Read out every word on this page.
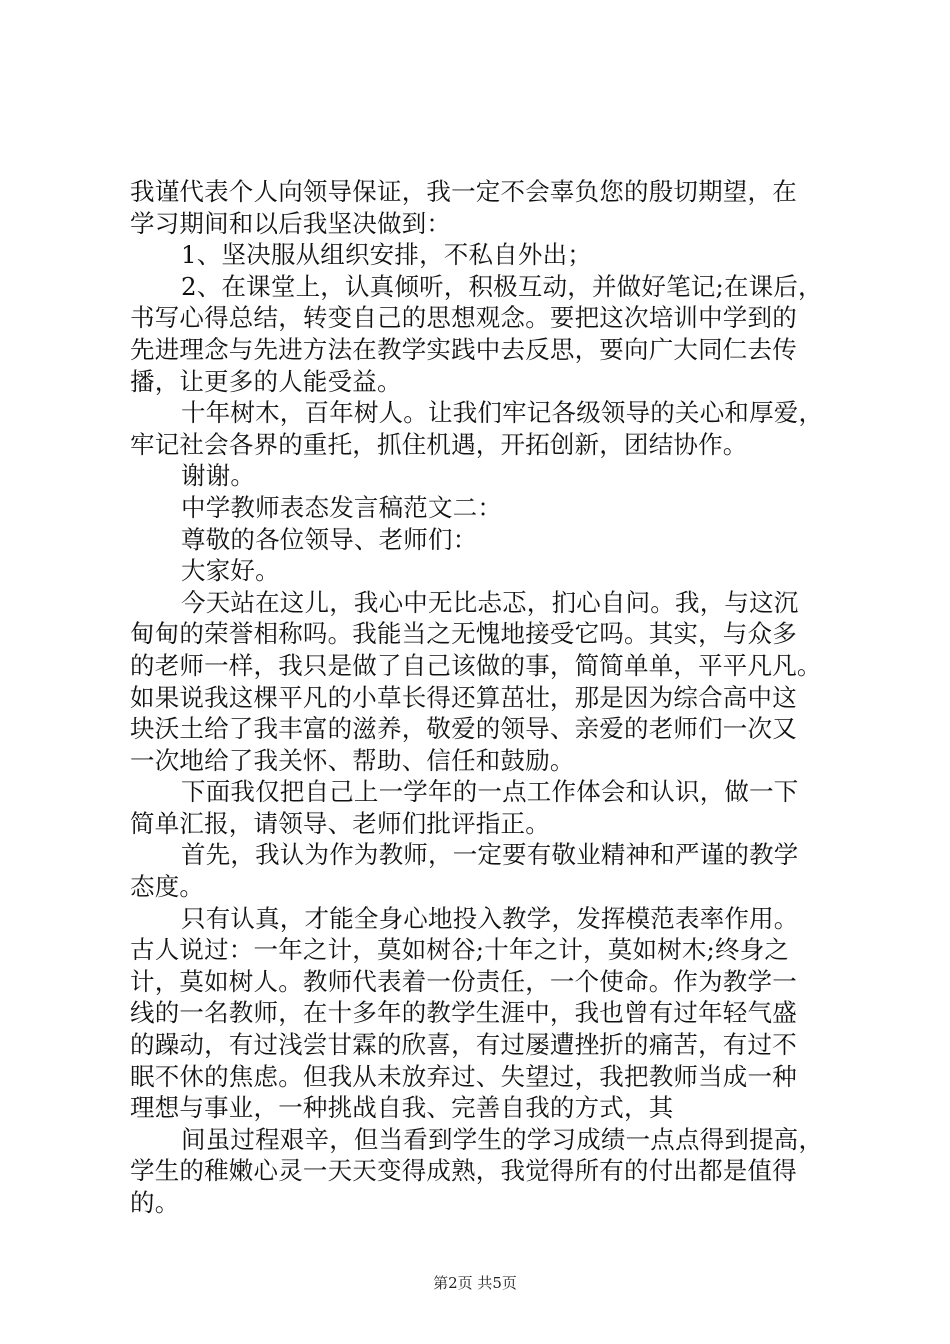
我谨代表个人向领导保证，我一定不会辜负您的殷切期望，在
学习期间和以后我坚决做到：
1、坚决服从组织安排，不私自外出；
2、在课堂上，认真倾听，积极互动，并做好笔记;在课后，
书写心得总结，转变自己的思想观念。要把这次培训中学到的
先进理念与先进方法在教学实践中去反思，要向广大同仁去传
播，让更多的人能受益。
十年树木，百年树人。让我们牢记各级领导的关心和厚爱，
牢记社会各界的重托，抓住机遇，开拓创新，团结协作。
谢谢。
中学教师表态发言稿范文二：
尊敬的各位领导、老师们：
大家好。
今天站在这儿，我心中无比忐忑，扪心自问。我，与这沉
甸甸的荣誉相称吗。我能当之无愧地接受它吗。其实，与众多
的老师一样，我只是做了自己该做的事，简简单单，平平凡凡。
如果说我这棵平凡的小草长得还算茁壮，那是因为综合高中这
块沃土给了我丰富的滋养，敬爱的领导、亲爱的老师们一次又
一次地给了我关怀、帮助、信任和鼓励。
下面我仅把自己上一学年的一点工作体会和认识，做一下
简单汇报，请领导、老师们批评指正。
首先，我认为作为教师，一定要有敬业精神和严谨的教学
态度。
只有认真，才能全身心地投入教学，发挥模范表率作用。
古人说过：一年之计，莫如树谷;十年之计，莫如树木;终身之
计，莫如树人。教师代表着一份责任，一个使命。作为教学一
线的一名教师，在十多年的教学生涯中，我也曾有过年轻气盛
的躁动，有过浅尝甘霖的欣喜，有过屡遭挫折的痛苦，有过不
眠不休的焦虑。但我从未放弃过、失望过，我把教师当成一种
理想与事业，一种挑战自我、完善自我的方式，其
间虽过程艰辛，但当看到学生的学习成绩一点点得到提高，
学生的稚嫩心灵一天天变得成熟，我觉得所有的付出都是值得
的。
第2页 共5页
